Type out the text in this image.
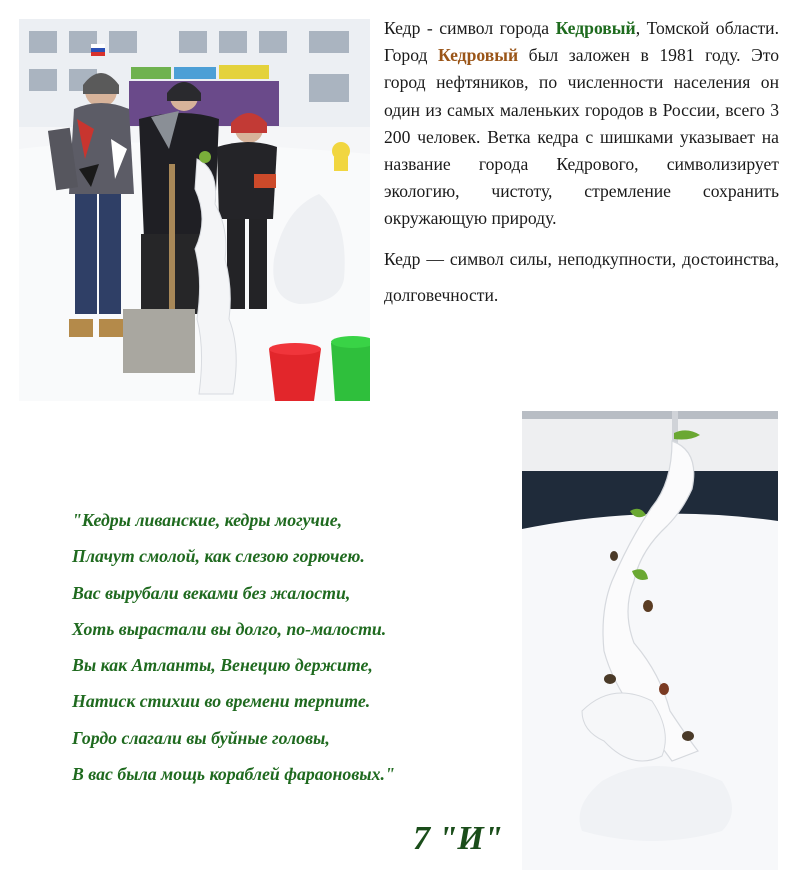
Кедр - символ города Кедровый, Томской области. Город Кедровый был заложен в 1981 году. Это город нефтяников, по численности населения он один из самых маленьких городов в России, всего 3 200 человек. Ветка кедра с шишками указывает на название города Кедрового, символизирует экологию, чистоту, стремление сохранить окружающую природу.

Кедр — символ силы, неподкупности, достоинства, долговечности.

"Кедры ливанские, кедры могучие,
Плачут смолой, как слезою горючею.
Вас вырубали веками без жалости,
Хоть вырастали вы долго, по-малости.
Вы как Атланты, Венецию держите,
Натиск стихии во времени терпите.
Гордо слагали вы буйные головы,
В вас была мощь кораблей фараоновых."
7 "И"
